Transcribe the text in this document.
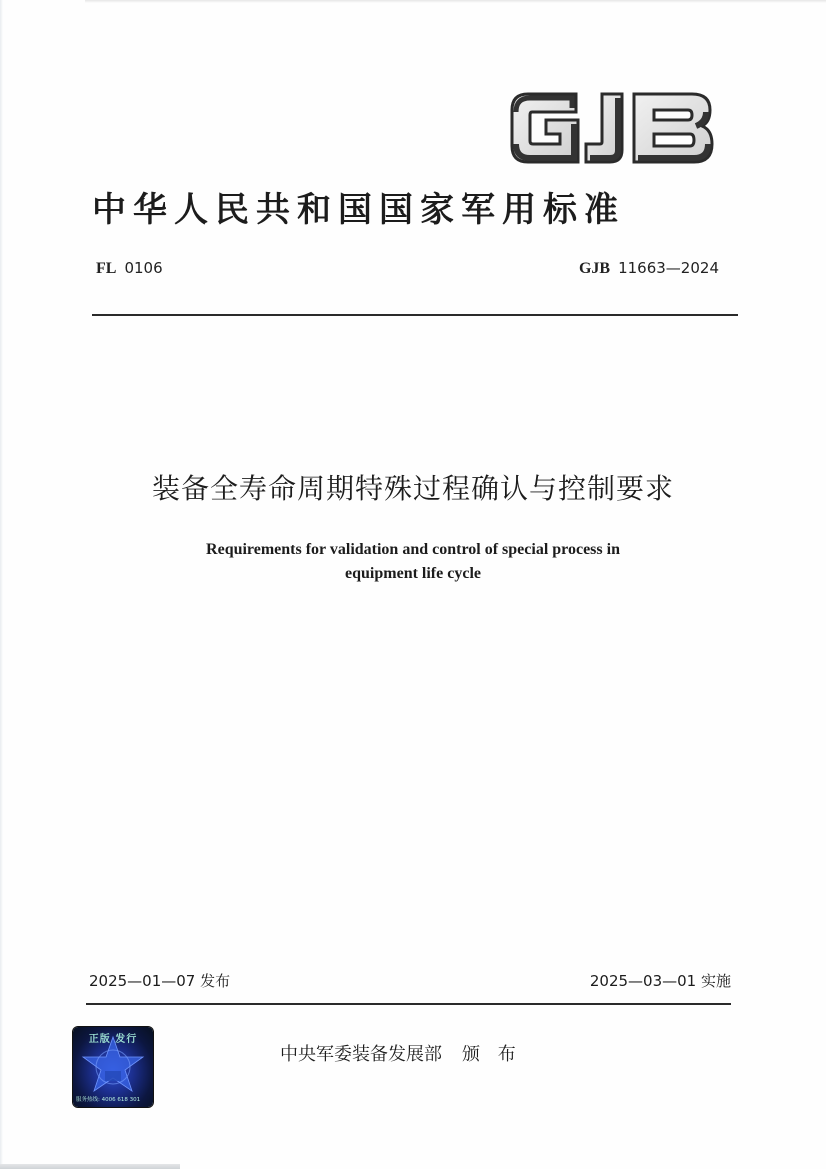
中华人民共和国国家军用标准
FL 0106	GJB 11663—2024
装备全寿命周期特殊过程确认与控制要求
Requirements for validation and control of special process in
equipment life cycle
2025—01—07 发布	2025—03—01 实施
正版 发行
服务热线: 4006 618 301
中央军委装备发展部 颁 布
